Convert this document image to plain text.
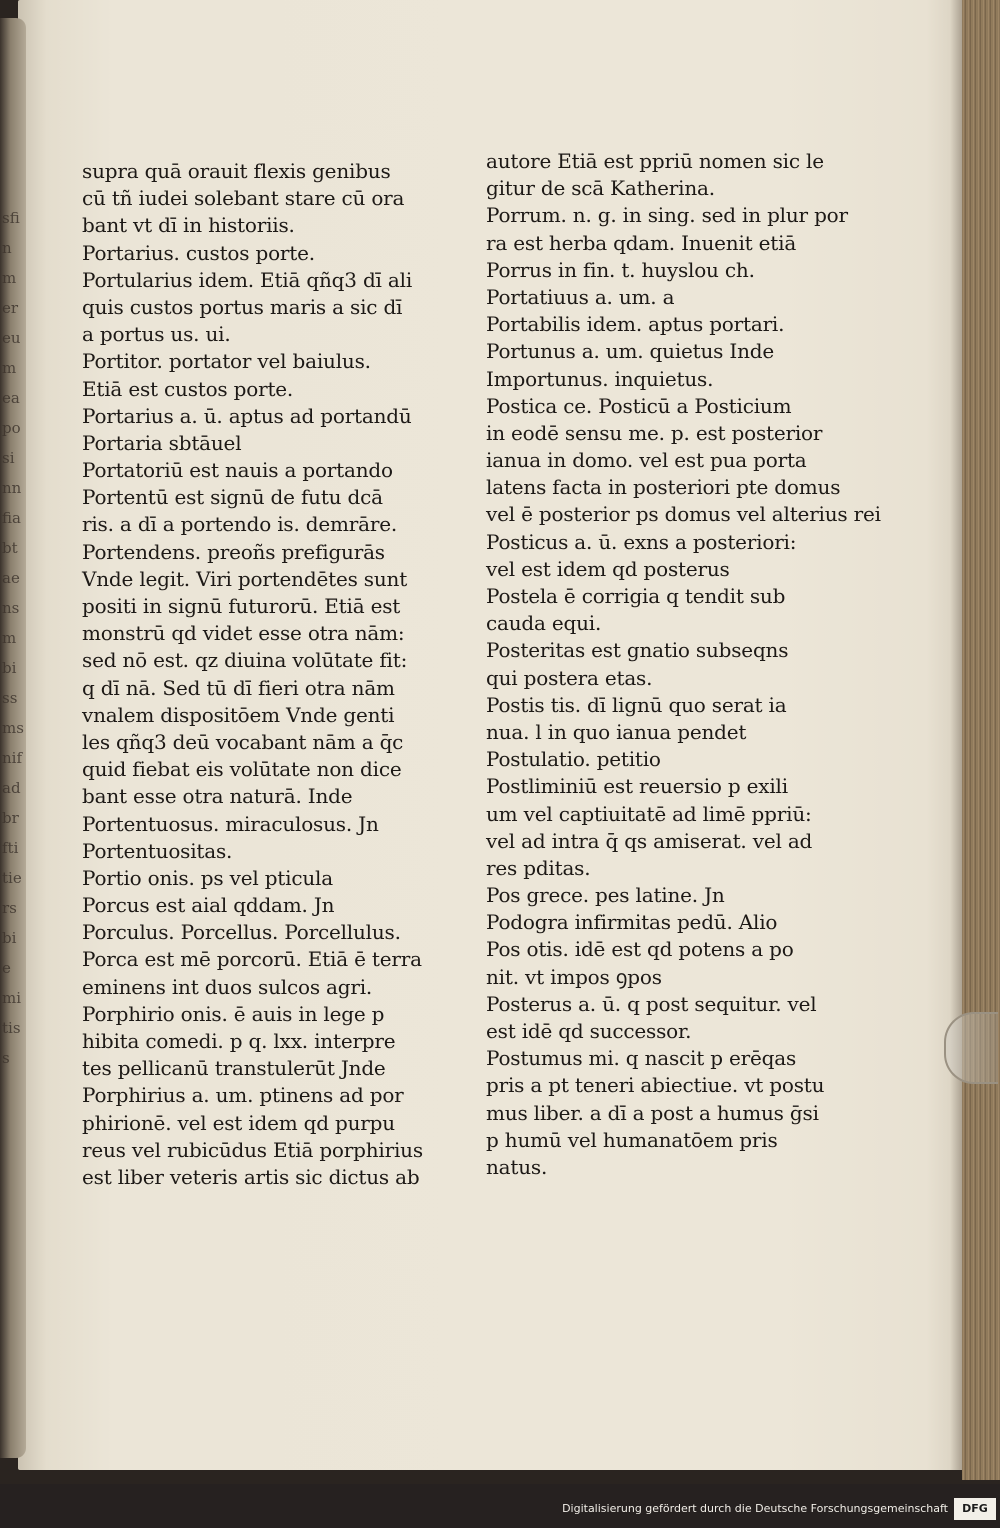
supra quā orauit flexis genibus
cū tñ iudei solebant stare cū ora
bant vt dī in historiis.
Portarius. custos porte.
Portularius idem. Etiā qñq3 dī ali
quis custos portus maris a sic dī
a portus us. ui.
Portitor. portator vel baiulus.
Etiā est custos porte.
Portarius a. ū. aptus ad portandū
Portaria sbtāuel
Portatoriū est nauis a portando
Portentū est signū de futu dcā
ris. a dī a portendo is. demrāre.
Portendens. preoñs prefigurās
Vnde legit. Viri portendētes sunt
positi in signū futurorū. Etiā est
monstrū qd videt esse otra nām:
sed nō est. qz diuina volūtate fit:
q dī nā. Sed tū dī fieri otra nām
vnalem dispositōem Vnde genti
les qñq3 deū vocabant nām a q̄c
quid fiebat eis volūtate non dice
bant esse otra naturā. Inde
Portentuosus. miraculosus. Jn
Portentuositas.
Portio onis. ps vel pticula
Porcus est aial qddam. Jn
Porculus. Porcellus. Porcellulus.
Porca est mē porcorū. Etiā ē terra
eminens int duos sulcos agri.
Porphirio onis. ē auis in lege p
hibita comedi. p q. lxx. interpre
tes pellicanū transtulerūt Jnde
Porphirius a. um. ptinens ad por
phirionē. vel est idem qd purpu
reus vel rubicūdus Etiā porphirius
est liber veteris artis sic dictus ab
autore Etiā est ppriū nomen sic le
gitur de scā Katherina.
Porrum. n. g. in sing. sed in plur por
ra est herba qdam. Inuenit etiā
Porrus in fin. t. huyslou ch.
Portatiuus a. um. a
Portabilis idem. aptus portari.
Portunus a. um. quietus Inde
Importunus. inquietus.
Postica ce. Posticū a Posticium
in eodē sensu me. p. est posterior
ianua in domo. vel est pua porta
latens facta in posteriori pte domus
vel ē posterior ps domus vel alterius rei
Posticus a. ū. exns a posteriori:
vel est idem qd posterus
Postela ē corrigia q tendit sub
cauda equi.
Posteritas est gnatio subseqns
qui postera etas.
Postis tis. dī lignū quo serat ia
nua. l in quo ianua pendet
Postulatio. petitio
Postliminiū est reuersio p exili
um vel captiuitatē ad limē ppriū:
vel ad intra q̄ qs amiserat. vel ad
res pditas.
Pos grece. pes latine. Jn
Podogra infirmitas pedū. Alio
Pos otis. idē est qd potens a po
nit. vt impos ꝯpos
Posterus a. ū. q post sequitur. vel
est idē qd successor.
Postumus mi. q nascit p erēqas
pris a pt teneri abiectiue. vt postu
mus liber. a dī a post a humus ḡsi
p humū vel humanatōem pris
natus.
sfinmereumeaposinnfiabtaensmbissmsnifadbrftitiersbiemitiss
Digitalisierung gefördert durch die Deutsche Forschungsgemeinschaft	DFG
